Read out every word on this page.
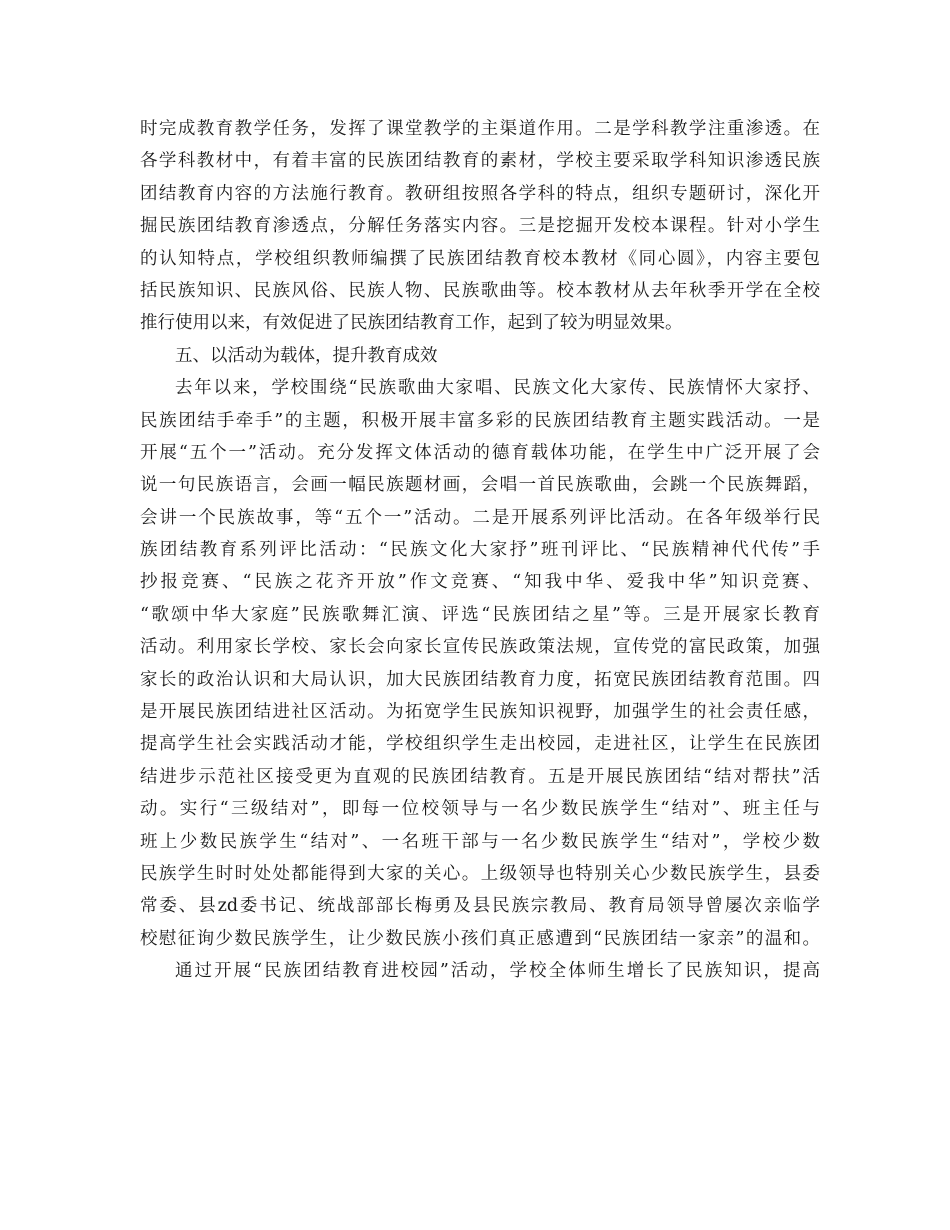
时完成教育教学任务，发挥了课堂教学的主渠道作用。二是学科教学注重渗透。在
各学科教材中，有着丰富的民族团结教育的素材，学校主要采取学科知识渗透民族
团结教育内容的方法施行教育。教研组按照各学科的特点，组织专题研讨，深化开
掘民族团结教育渗透点，分解任务落实内容。三是挖掘开发校本课程。针对小学生
的认知特点，学校组织教师编撰了民族团结教育校本教材《同心圆》，内容主要包
括民族知识、民族风俗、民族人物、民族歌曲等。校本教材从去年秋季开学在全校
推行使用以来，有效促进了民族团结教育工作，起到了较为明显效果。
五、以活动为载体，提升教育成效
去年以来，学校围绕“民族歌曲大家唱、民族文化大家传、民族情怀大家抒、
民族团结手牵手”的主题，积极开展丰富多彩的民族团结教育主题实践活动。一是
开展“五个一”活动。充分发挥文体活动的德育载体功能，在学生中广泛开展了会
说一句民族语言，会画一幅民族题材画，会唱一首民族歌曲，会跳一个民族舞蹈，
会讲一个民族故事，等“五个一”活动。二是开展系列评比活动。在各年级举行民
族团结教育系列评比活动：“民族文化大家抒”班刊评比、“民族精神代代传”手
抄报竞赛、“民族之花齐开放”作文竞赛、“知我中华、爱我中华”知识竞赛、
“歌颂中华大家庭”民族歌舞汇演、评选“民族团结之星”等。三是开展家长教育
活动。利用家长学校、家长会向家长宣传民族政策法规，宣传党的富民政策，加强
家长的政治认识和大局认识，加大民族团结教育力度，拓宽民族团结教育范围。四
是开展民族团结进社区活动。为拓宽学生民族知识视野，加强学生的社会责任感，
提高学生社会实践活动才能，学校组织学生走出校园，走进社区，让学生在民族团
结进步示范社区接受更为直观的民族团结教育。五是开展民族团结“结对帮扶”活
动。实行“三级结对”，即每一位校领导与一名少数民族学生“结对”、班主任与
班上少数民族学生“结对”、一名班干部与一名少数民族学生“结对”，学校少数
民族学生时时处处都能得到大家的关心。上级领导也特别关心少数民族学生，县委
常委、县zd委书记、统战部部长梅勇及县民族宗教局、教育局领导曾屡次亲临学
校慰征询少数民族学生，让少数民族小孩们真正感遭到“民族团结一家亲”的温和。
通过开展“民族团结教育进校园”活动，学校全体师生增长了民族知识，提高
